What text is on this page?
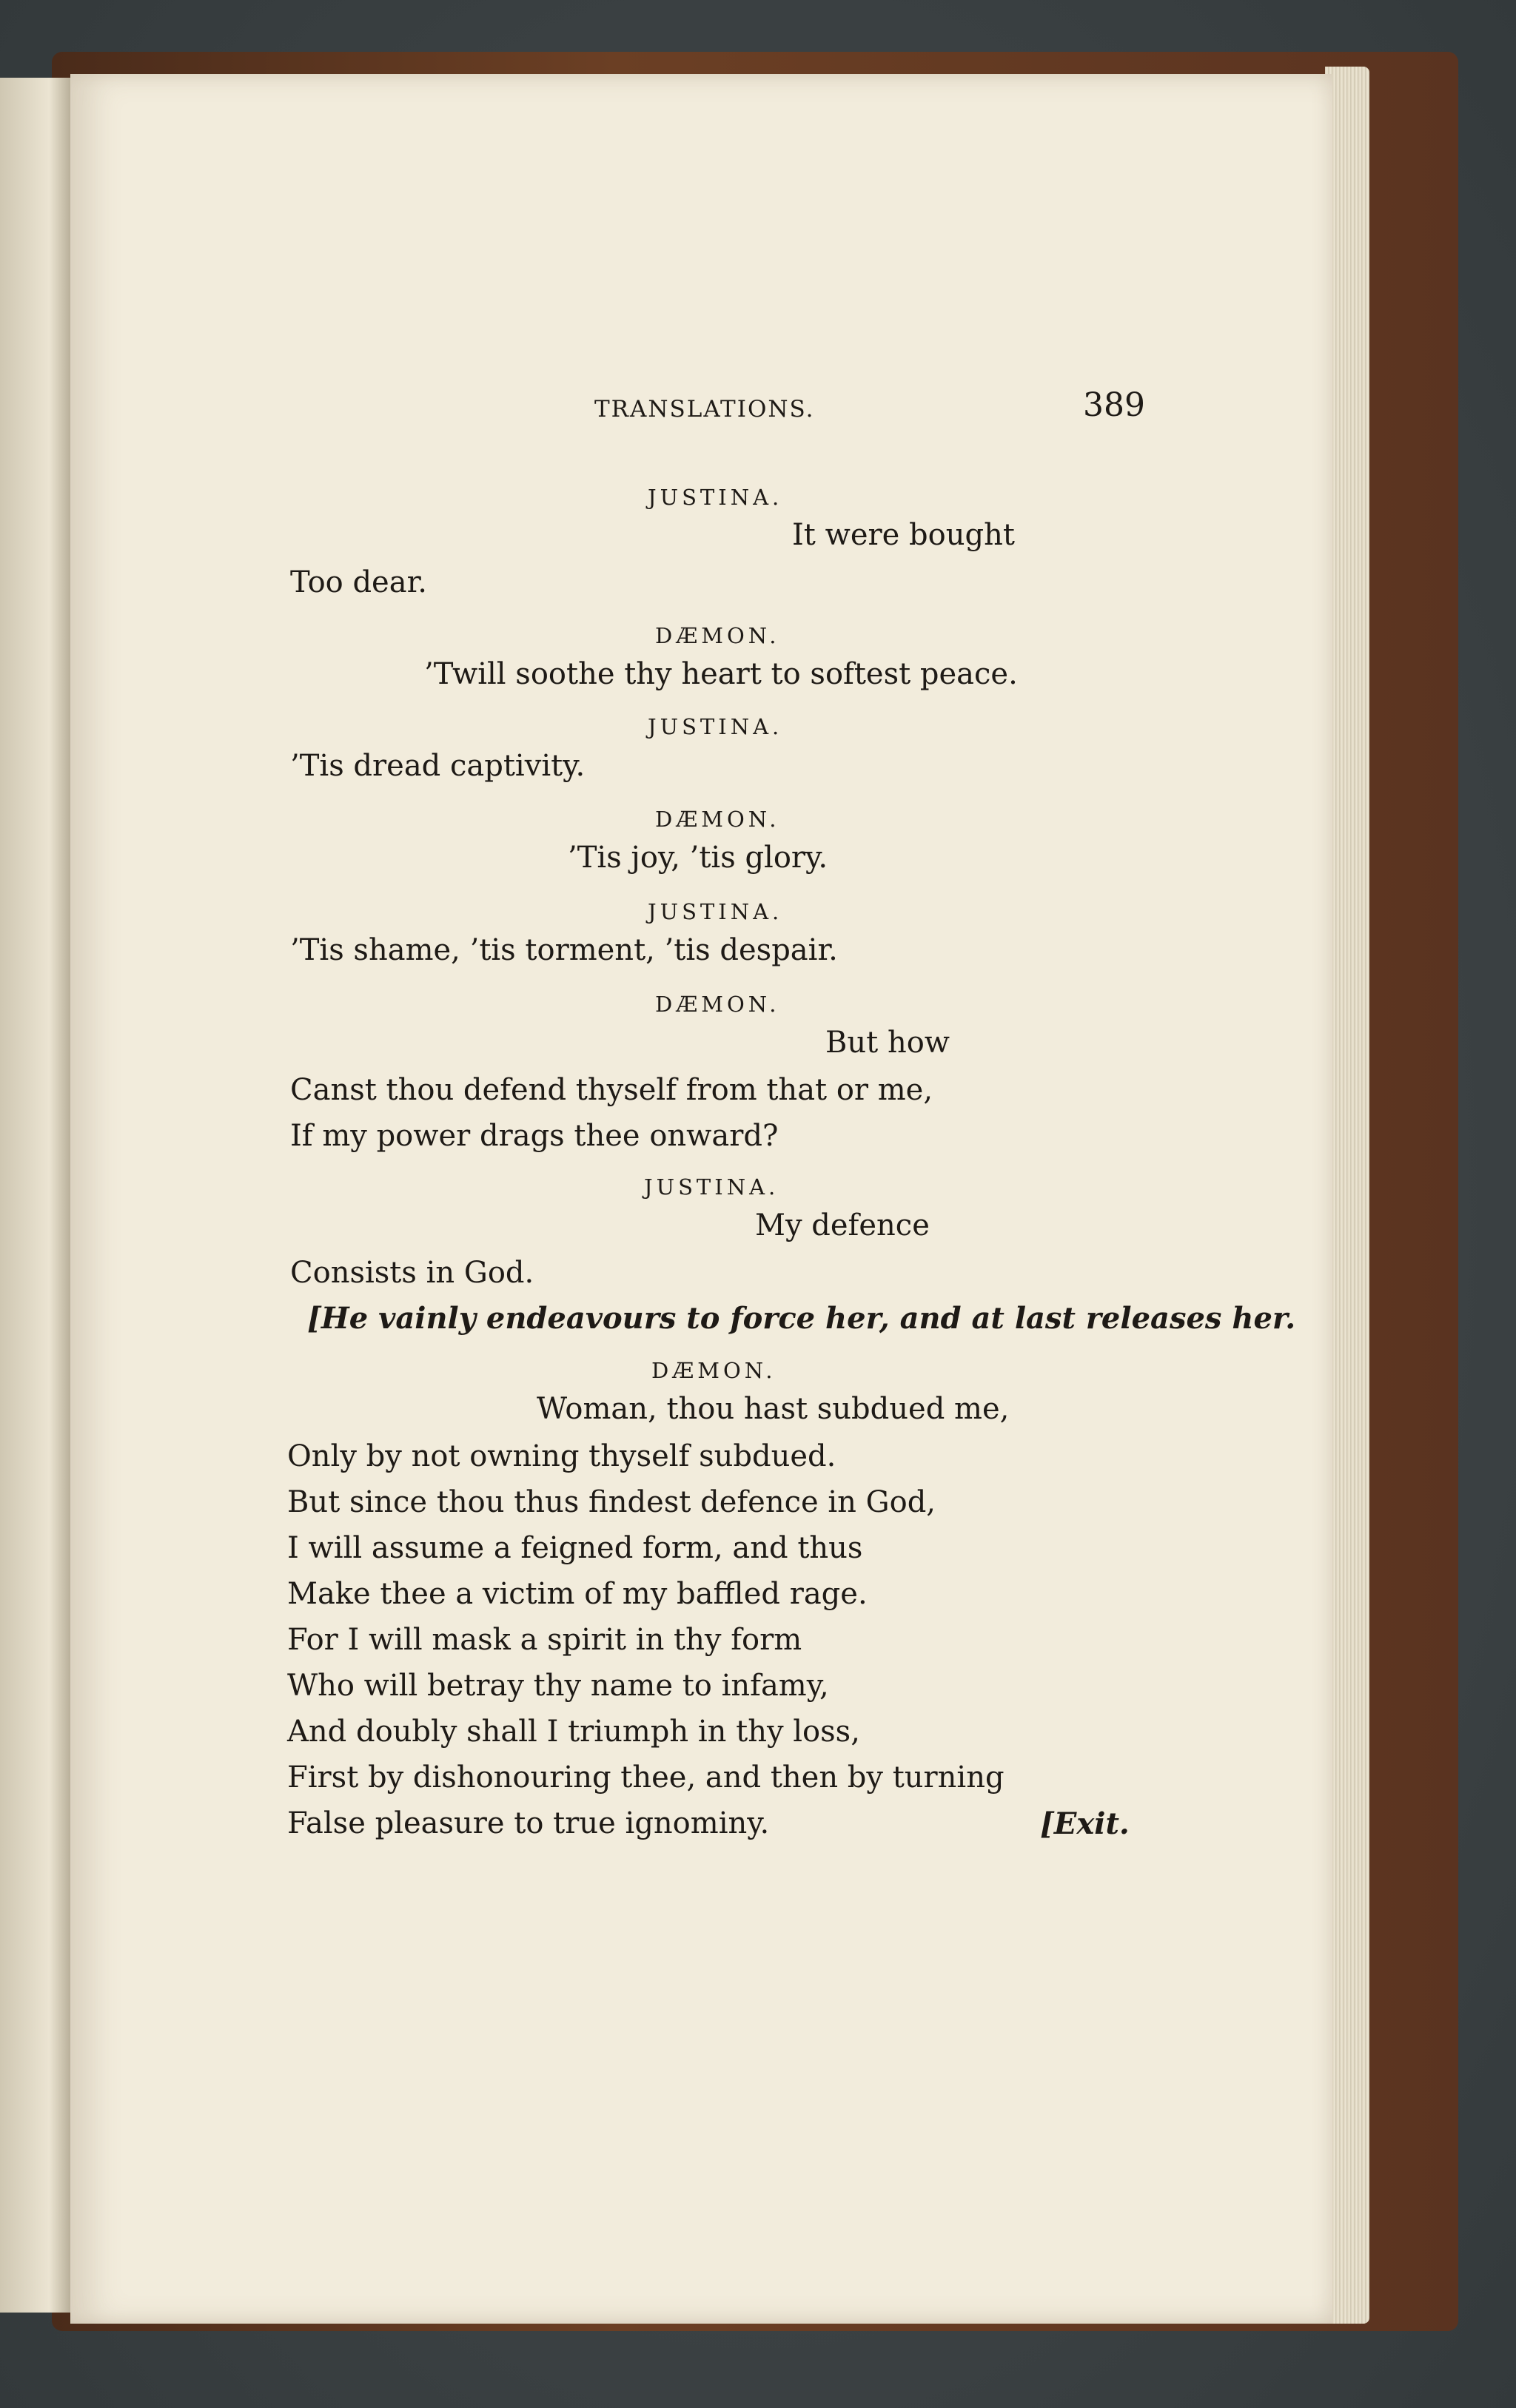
TRANSLATIONS.	389
JUSTINA.
It were bought
Too dear.
DÆMON.
’Twill soothe thy heart to softest peace.
JUSTINA.
’Tis dread captivity.
DÆMON.
’Tis joy, ’tis glory.
JUSTINA.
’Tis shame, ’tis torment, ’tis despair.
DÆMON.
But how
Canst thou defend thyself from that or me,
If my power drags thee onward?
JUSTINA.
My defence
Consists in God.
[He vainly endeavours to force her, and at last releases her.
DÆMON.
Woman, thou hast subdued me,
Only by not owning thyself subdued.
But since thou thus findest defence in God,
I will assume a feigned form, and thus
Make thee a victim of my baffled rage.
For I will mask a spirit in thy form
Who will betray thy name to infamy,
And doubly shall I triumph in thy loss,
First by dishonouring thee, and then by turning
False pleasure to true ignominy.	[Exit.
